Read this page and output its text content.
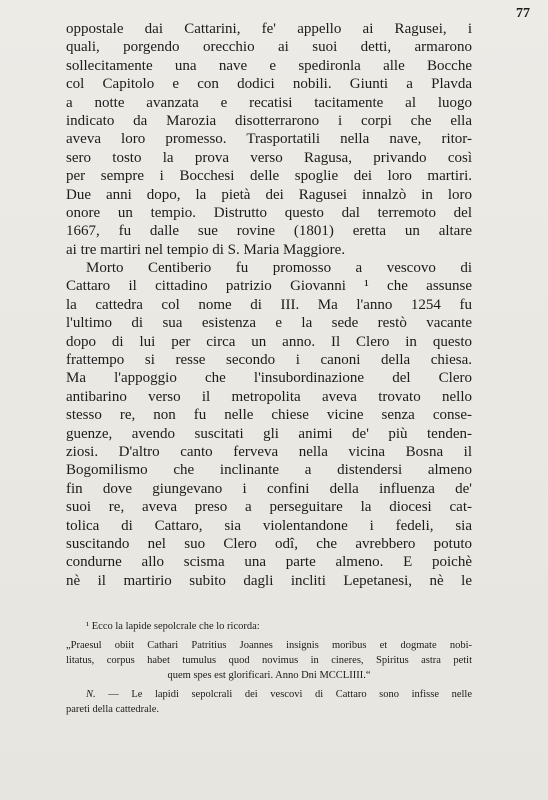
77
oppostale dai Cattarini, fe' appello ai Ragusei, i
quali, porgendo orecchio ai suoi detti, armarono
sollecitamente una nave e spedironla alle Bocche
col Capitolo e con dodici nobili. Giunti a Plavda
a notte avanzata e recatisi tacitamente al luogo
indicato da Marozia disotterrarono i corpi che ella
aveva loro promesso. Trasportatili nella nave, ritor-
sero tosto la prova verso Ragusa, privando così
per sempre i Bocchesi delle spoglie dei loro martiri.
Due anni dopo, la pietà dei Ragusei innalzò in loro
onore un tempio. Distrutto questo dal terremoto del
1667, fu dalle sue rovine (1801) eretta un altare
ai tre martiri nel tempio di S. Maria Maggiore.
Morto Centiberio fu promosso a vescovo di
Cattaro il cittadino patrizio Giovanni ¹ che assunse
la cattedra col nome di III. Ma l'anno 1254 fu
l'ultimo di sua esistenza e la sede restò vacante
dopo di lui per circa un anno. Il Clero in questo
frattempo si resse secondo i canoni della chiesa.
Ma l'appoggio che l'insubordinazione del Clero
antibarino verso il metropolita aveva trovato nello
stesso re, non fu nelle chiese vicine senza conse-
guenze, avendo suscitati gli animi de' più tenden-
ziosi. D'altro canto ferveva nella vicina Bosna il
Bogomilismo che inclinante a distendersi almeno
fin dove giungevano i confini della influenza de'
suoi re, aveva preso a perseguitare la diocesi cat-
tolica di Cattaro, sia violentandone i fedeli, sia
suscitando nel suo Clero odî, che avrebbero potuto
condurne allo scisma una parte almeno. E poichè
nè il martirio subito dagli incliti Lepetanesi, nè le
¹ Ecco la lapide sepolcrale che lo ricorda:
„Praesul obiit Cathari Patritius Joannes insignis moribus et dogmate nobi-
litatus, corpus habet tumulus quod novimus in cineres, Spiritus astra petit
quem spes est glorificari. Anno Dni MCCLIIII.“
N. — Le lapidi sepolcrali dei vescovi di Cattaro sono infisse nelle
pareti della cattedrale.
